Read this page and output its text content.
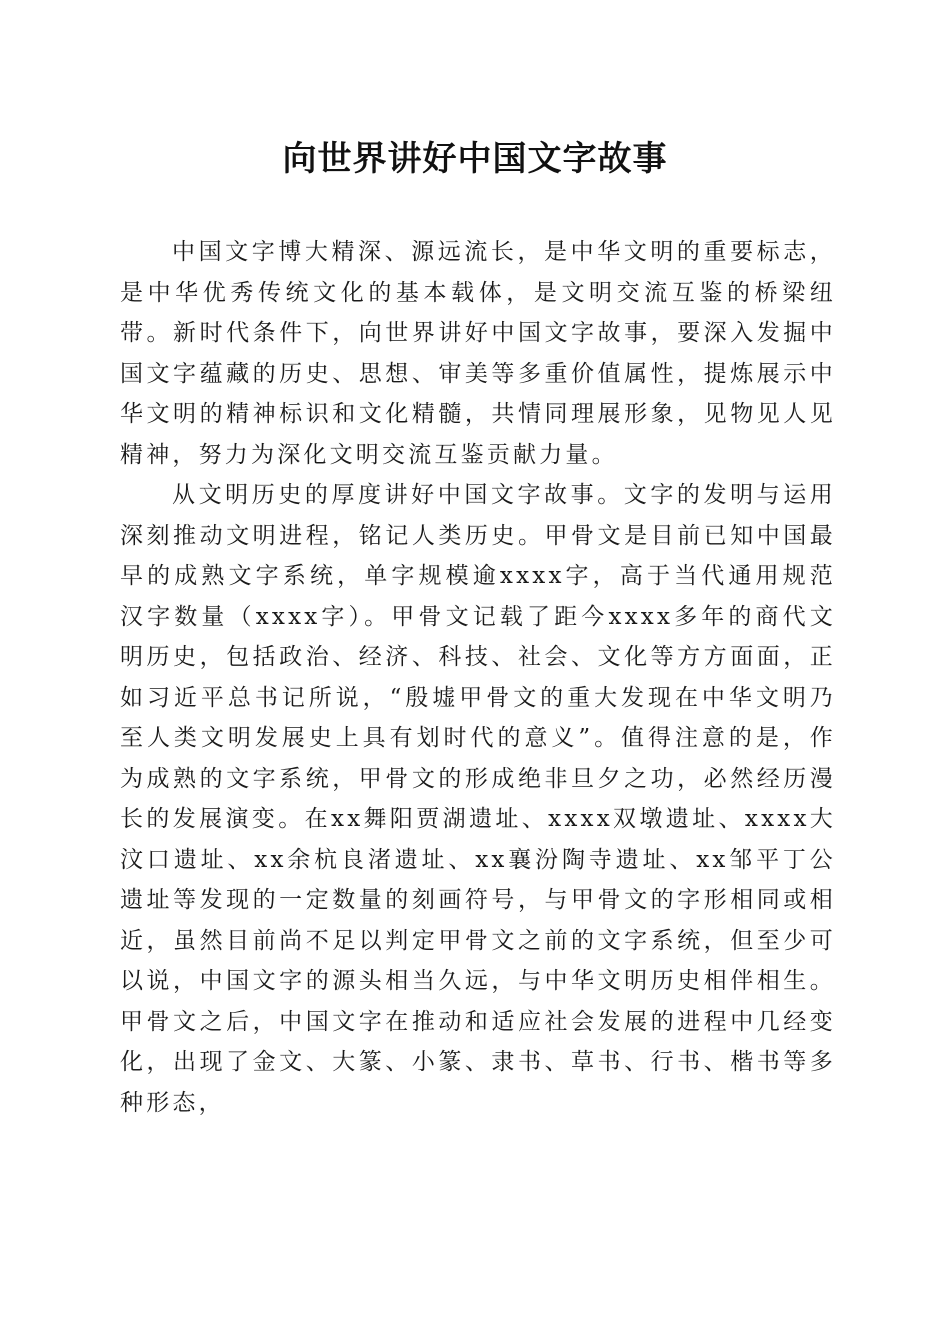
向世界讲好中国文字故事

中国文字博大精深、源远流长，是中华文明的重要标志，是中华优秀传统文化的基本载体，是文明交流互鉴的桥梁纽带。新时代条件下，向世界讲好中国文字故事，要深入发掘中国文字蕴藏的历史、思想、审美等多重价值属性，提炼展示中华文明的精神标识和文化精髓，共情同理展形象，见物见人见精神，努力为深化文明交流互鉴贡献力量。

从文明历史的厚度讲好中国文字故事。文字的发明与运用深刻推动文明进程，铭记人类历史。甲骨文是目前已知中国最早的成熟文字系统，单字规模逾xxxx字，高于当代通用规范汉字数量（xxxx字）。甲骨文记载了距今xxxx多年的商代文明历史，包括政治、经济、科技、社会、文化等方方面面，正如习近平总书记所说，“殷墟甲骨文的重大发现在中华文明乃至人类文明发展史上具有划时代的意义”。值得注意的是，作为成熟的文字系统，甲骨文的形成绝非旦夕之功，必然经历漫长的发展演变。在xx舞阳贾湖遗址、xxxx双墩遗址、xxxx大汶口遗址、xx余杭良渚遗址、xx襄汾陶寺遗址、xx邹平丁公遗址等发现的一定数量的刻画符号，与甲骨文的字形相同或相近，虽然目前尚不足以判定甲骨文之前的文字系统，但至少可以说，中国文字的源头相当久远，与中华文明历史相伴相生。甲骨文之后，中国文字在推动和适应社会发展的进程中几经变化，出现了金文、大篆、小篆、隶书、草书、行书、楷书等多种形态，
